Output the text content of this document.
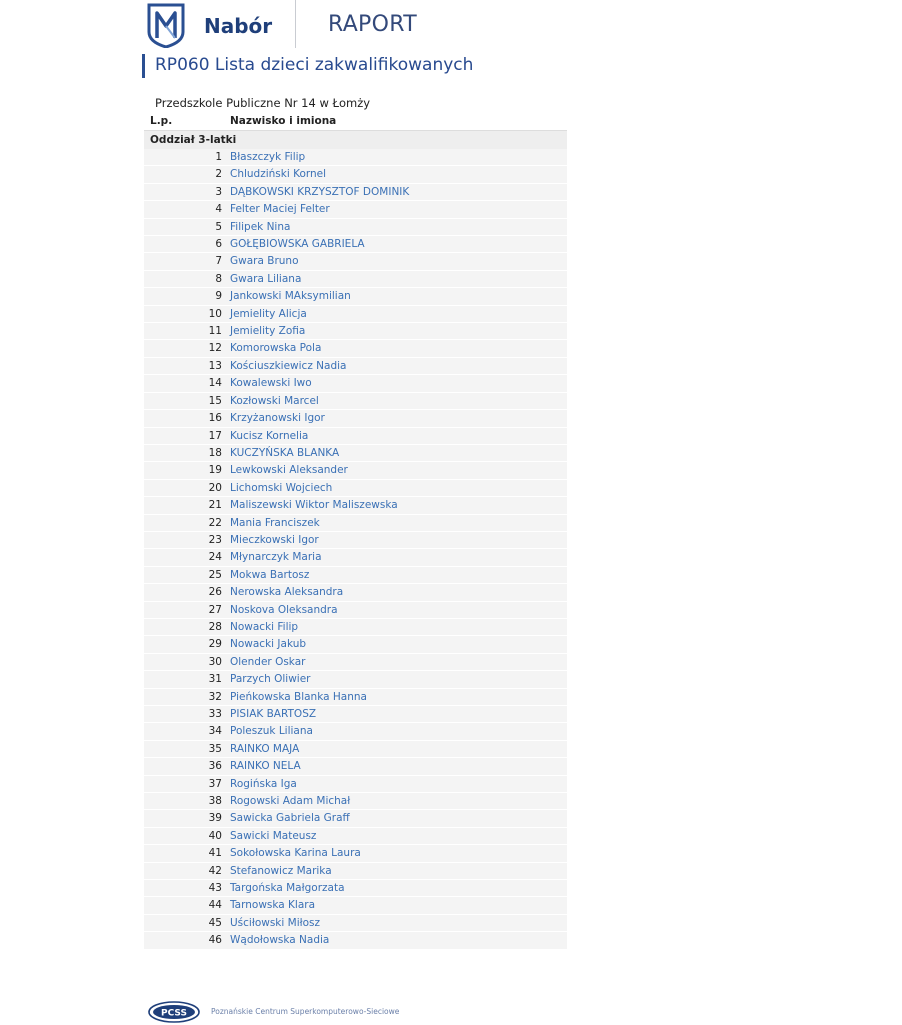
Nabór	RAPORT
RP060 Lista dzieci zakwalifikowanych
Przedszkole Publiczne Nr 14 w Łomży
L.p.	Nazwisko i imiona
Oddział 3-latki
1 Błaszczyk Filip
2 Chludziński Kornel
3 DĄBKOWSKI KRZYSZTOF DOMINIK
4 Felter Maciej Felter
5 Filipek Nina
6 GOŁĘBIOWSKA GABRIELA
7 Gwara Bruno
8 Gwara Liliana
9 Jankowski MAksymilian
10 Jemielity Alicja
11 Jemielity Zofia
12 Komorowska Pola
13 Kościuszkiewicz Nadia
14 Kowalewski Iwo
15 Kozłowski Marcel
16 Krzyżanowski Igor
17 Kucisz Kornelia
18 KUCZYŃSKA BLANKA
19 Lewkowski Aleksander
20 Lichomski Wojciech
21 Maliszewski Wiktor Maliszewska
22 Mania Franciszek
23 Mieczkowski Igor
24 Młynarczyk Maria
25 Mokwa Bartosz
26 Nerowska Aleksandra
27 Noskova Oleksandra
28 Nowacki Filip
29 Nowacki Jakub
30 Olender Oskar
31 Parzych Oliwier
32 Pieńkowska Blanka Hanna
33 PISIAK BARTOSZ
34 Poleszuk Liliana
35 RAINKO MAJA
36 RAINKO NELA
37 Rogińska Iga
38 Rogowski Adam Michał
39 Sawicka Gabriela Graff
40 Sawicki Mateusz
41 Sokołowska Karina Laura
42 Stefanowicz Marika
43 Targońska Małgorzata
44 Tarnowska Klara
45 Uściłowski Miłosz
46 Wądołowska Nadia
PCSS	Poznańskie Centrum Superkomputerowo-Sieciowe
